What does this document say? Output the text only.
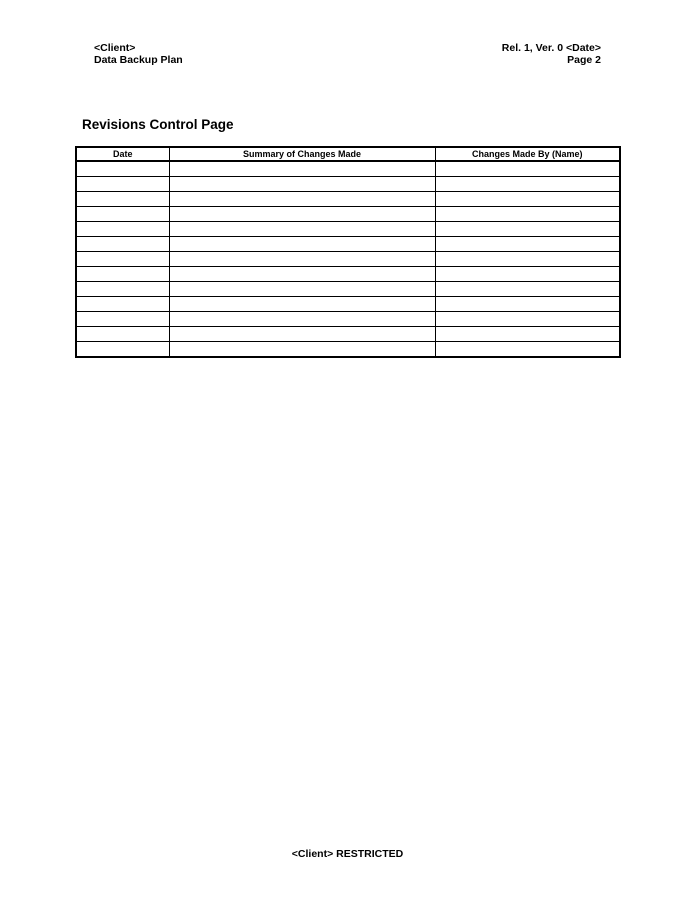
<Client>
Data Backup Plan
Rel. 1, Ver. 0 <Date>
Page 2
Revisions Control Page
Date	Summary of Changes Made	Changes Made By (Name)

<Client> RESTRICTED
